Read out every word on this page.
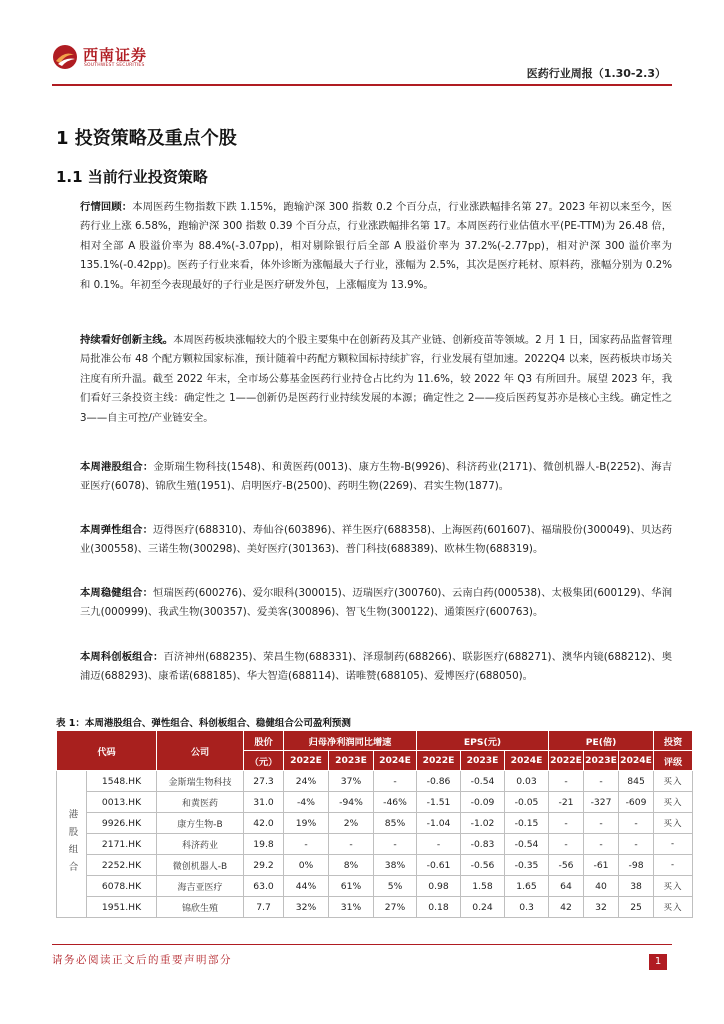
西南证券
SOUTHWEST SECURITIES
医药行业周报（1.30-2.3）
1 投资策略及重点个股
1.1 当前行业投资策略

行情回顾：本周医药生物指数下跌 1.15%，跑输沪深 300 指数 0.2 个百分点，行业涨跌幅排名第 27。2023 年初以来至今，医药行业上涨 6.58%，跑输沪深 300 指数 0.39 个百分点，行业涨跌幅排名第 17。本周医药行业估值水平(PE-TTM)为 26.48 倍，相对全部 A 股溢价率为 88.4%(-3.07pp)，相对剔除银行后全部 A 股溢价率为 37.2%(-2.77pp)，相对沪深 300 溢价率为 135.1%(-0.42pp)。医药子行业来看，体外诊断为涨幅最大子行业，涨幅为 2.5%，其次是医疗耗材、原料药，涨幅分别为 0.2%和 0.1%。年初至今表现最好的子行业是医疗研发外包，上涨幅度为 13.9%。

持续看好创新主线。本周医药板块涨幅较大的个股主要集中在创新药及其产业链、创新疫苗等领域。2 月 1 日，国家药品监督管理局批准公布 48 个配方颗粒国家标准，预计随着中药配方颗粒国标持续扩容，行业发展有望加速。2022Q4 以来，医药板块市场关注度有所升温。截至 2022 年末，全市场公募基金医药行业持仓占比约为 11.6%，较 2022 年 Q3 有所回升。展望 2023 年，我们看好三条投资主线：确定性之 1——创新仍是医药行业持续发展的本源；确定性之 2——疫后医药复苏亦是核心主线。确定性之 3——自主可控/产业链安全。

本周港股组合：金斯瑞生物科技(1548)、和黄医药(0013)、康方生物-B(9926)、科济药业(2171)、微创机器人-B(2252)、海吉亚医疗(6078)、锦欣生殖(1951)、启明医疗-B(2500)、药明生物(2269)、君实生物(1877)。

本周弹性组合：迈得医疗(688310)、寿仙谷(603896)、祥生医疗(688358)、上海医药(601607)、福瑞股份(300049)、贝达药业(300558)、三诺生物(300298)、美好医疗(301363)、普门科技(688389)、欧林生物(688319)。

本周稳健组合：恒瑞医药(600276)、爱尔眼科(300015)、迈瑞医疗(300760)、云南白药(000538)、太极集团(600129)、华润三九(000999)、我武生物(300357)、爱美客(300896)、智飞生物(300122)、通策医疗(600763)。

本周科创板组合：百济神州(688235)、荣昌生物(688331)、泽璟制药(688266)、联影医疗(688271)、澳华内镜(688212)、奥浦迈(688293)、康希诺(688185)、华大智造(688114)、诺唯赞(688105)、爱博医疗(688050)。

表 1：本周港股组合、弹性组合、科创板组合、稳健组合公司盈利预测
代码		公司	股价	归母净利润同比增速			EPS(元)			PE(倍)			投资
			（元）	2022E	2023E	2024E	2022E	2023E	2024E	2022E	2023E	2024E	评级
港股组合	1548.HK	金斯瑞生物科技	27.3	24%	37%	-	-0.86	-0.54	0.03	-	-	845	买入
	0013.HK	和黄医药	31.0	-4%	-94%	-46%	-1.51	-0.09	-0.05	-21	-327	-609	买入
	9926.HK	康方生物-B	42.0	19%	2%	85%	-1.04	-1.02	-0.15	-	-	-	买入
	2171.HK	科济药业	19.8	-	-	-	-	-0.83	-0.54	-	-	-	-
	2252.HK	微创机器人-B	29.2	0%	8%	38%	-0.61	-0.56	-0.35	-56	-61	-98	-
	6078.HK	海吉亚医疗	63.0	44%	61%	5%	0.98	1.58	1.65	64	40	38	买入
	1951.HK	锦欣生殖	7.7	32%	31%	27%	0.18	0.24	0.3	42	32	25	买入
请务必阅读正文后的重要声明部分	1
